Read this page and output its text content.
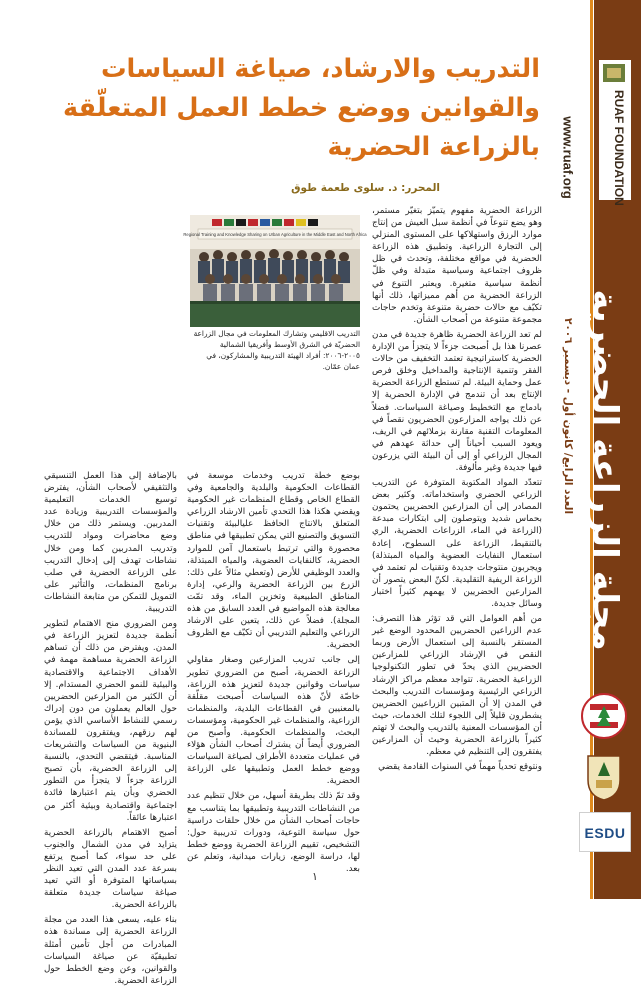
RUAF FOUNDATION
www.ruaf.org
مجلة الزراعة الحضرية
العدد الرابع/ كانون أول - ديسمبر ٢٠٠٦
ESDU
التدريب والارشاد، صياغة السياسات
والقوانين ووضع خطط العمل المتعلّقة
بالزراعة الحضرية
المحرر: د. سلوى طعمة طوق
Regional Training and Knowledge Sharing on Urban Agriculture in the Middle East and North Africa
التدريب الاقليمي وتشارك المعلومات في مجال الزراعة الحضريّة في الشرق الأوسط وأفريقيا الشمالية ٢٠٠٥-٢٠٠٦: أفراد الهيئة التدريبية والمشاركون، في عمان عمّان.

الزراعة الحضرية مفهوم يتميّز بتغيّر مستمر، وهو يضع تنوعاً في أنظمة سبل العيش من إنتاج موارد الرزق واستهلاكها على المستوى المنزلي إلى التجارة الزراعية. وتطبيق هذه الزراعة الحضرية في مواقع مختلفة، وتحدث في ظل ظروف اجتماعية وسياسية متبدلة وفي ظلّ أنظمة سياسية متغيرة. ويعتبر التنوع في الزراعة الحضرية من أهم مميزاتها، ذلك أنها تكيّف مع حالات حضرية متنوعة وتخدم حاجات مجموعة متنوعة من أصحاب الشأن.

لم تعد الزراعة الحضرية ظاهرة جديدة في مدن عصرنا هذا بل أصبحت جزءاً لا يتجزأ من الإدارة الحضرية كاستراتيجية تعتمد التخفيف من حالات الفقر وتنمية الإنتاجية والمداخيل وخلق فرص عمل وحماية البيئة. لم تستطع الزراعة الحضرية الإنتاج بعد أن تندمج في الإدارة الحضرية إلا بادماج مع التخطيط وصياغة السياسات. فضلاً عن ذلك يواجه المزارعون الحضريون نقصاً في المعلومات التقنية مقارنة بزملائهم في الريف، ويعود السبب أحياناً إلى حداثة عهدهم في المجال الزراعي أو إلى أن البيئة التي يزرعون فيها جديدة وغير مألوفة.

تتعدّد المواد المكتوبة المتوفرة عن التدريب الزراعي الحضري واستخداماته. وكثير بعض المصادر إلى أن المزارعين الحضريين يحتمون بحماس شديد ويتوصلون إلى ابتكارات مبدعة (الزراعة في الماء، الزراعات الحضرية، الري بالتنقيط، الزراعة على السطوح، إعادة استعمال النفايات العضوية والمياه المبتذلة) ويجربون منتوجات جديدة وتقنيات لم تعتمد في الزراعة الريفية التقليدية. لكنّ البعض يتصور أن المزارعين الحضريين لا يهمهم كثيراً اختبار وسائل جديدة.

من أهم العوامل التي قد تؤثر هذا التصرف: عدم الزراعين الحضريين المحدود الوضع غير المستقر بالنسبة إلى استعمال الأرض وربما النقص في الإرشاد الزراعي للمزارعين الحضريين الذي يحدّ في تطور التكنولوجيا الزراعية الحضرية. تتواجد معظم مراكز الإرشاد الزراعي الرئيسية ومؤسسات التدريب والبحث في المدن إلا أن المتبين الزراعيين الحضريين يشطرون قليلاً إلى اللجوء لتلك الخدمات، حيث أن المؤسسات المعنية بالتدريب والبحث لا تهتم كثيراً بالزراعة الحضرية وحيث أن المزارعين يفتقرون إلى التنظيم في معظم.

ونتوقع تحدياً مهماً في السنوات القادمة يقضي

بوضع خطة تدريب وخدمات موسعة في القطاعات الحكومية والبلدية والجامعية وفي القطاع الخاص وقطاع المنظمات غير الحكومية ويقضي هكذا هذا التحدي تأمين الارشاد الزراعي المتعلق بالانتاج الحافظ عليالبيئة وتقنيات التسويق والتصنيع التي يمكن تطبيقها في مناطق محصورة والتي ترتبط باستعمال آمن للموارد الحضرية، كالنفايات العضوية، والمياه المبتذلة، والعدد الوظيفي للأرض (وتعطي مثالاً على ذلك: الزرع بين الزراعة الحضرية والرعي، إدارة المناطق الطبيعية وتخزين الماء، وقد تمّت معالجة هذه المواضيع في العدد السابق من هذه المجلة). فضلاً عن ذلك، يتعين على الارشاد الزراعي والتعليم التدريبي أن تكيّف مع الظروف الحضرية.

إلى جانب تدريب المزارعين وصغار مقاولي الزراعة الحضرية، أصبح من الضروري تطوير سياسات وقوانين جديدة لتعزيز هذه الزراعة، خاصّة لأنّ هذه السياسات أصبحت مقلّقة بالمعنيين في القطاعات البلدية، والمنظمات الزراعية، والمنظمات غير الحكومية، ومؤسسات البحث، والمنظمات الحكومية. وأصبح من الضروري أيضاً أن يشترك أصحاب الشأن هؤلاء في عمليات متعددة الأطراف لصياغة السياسات ووضع خطط العمل وتطبيقها على الزراعة الحضرية.

وقد تمّ ذلك بطريقة أسهل، من خلال تنظيم عدد من النشاطات التدريبية وتطبيقها بما يتناسب مع حاجات أصحاب الشأن من خلال حلقات دراسية حول سياسة التوعية، ودورات تدريبية حول: التشخيص، تقييم الزراعة الحضرية ووضع خطط لها، دراسة الوضع، زيارات ميدانية، وتعلم عن بعد.

بالإضافة إلى هذا العمل التنسيقي والتثقيفي لأصحاب الشأن، يفترض توسيع الخدمات التعليمية والمؤسسات التدريبية وزيادة عدد المدربين. ويستمر ذلك من خلال وضع محاضرات ومواد للتدريب وتدريب المدربين كما ومن خلال نشاطات تهدف إلى إدخال التدريب على الزراعة الحضرية في صلب برنامج المنظمات، والتأثير على التمويل للتمكن من متابعة النشاطات التدريبية.

ومن الضروري منح الاهتمام لتطوير أنظمة جديدة لتعزيز الزراعة في المدن. ويفترض من ذلك أن تساهم الزراعة الحضرية مساهمة مهمة في الأهداف الاجتماعية والاقتصادية والبيئية للنمو الحضري المستدام. إلا أن الكثير من المزارعين الحضريين حول العالم يعملون من دون إدراك رسمي للنشاط الأساسي الذي يؤمن لهم رزقهم، ويفتقرون للمساندة البنيوية من السياسات والتشريعات المناسبة. فيتقضي التحدي، بالنسبة إلى الزراعة الحضرية، بأن تصبح الزراعة جزءاً لا يتجزأ من التطور الحضري وبأن يتم اعتبارها فائدة اجتماعية واقتصادية وبيئية أكثر من اعتبارها عائقاً.

أصبح الاهتمام بالزراعة الحضرية يتزايد في مدن الشمال والجنوب على حد سواء، كما أصبح يرتفع بسرعة عدد المدن التي تعيد النظر بسياساتها المتوفرة أو التي تعيد صياغة سياسات جديدة متعلقة بالزراعة الحضرية.

بناء عليه، يسعى هذا العدد من مجلة الزراعة الحضرية إلى مساندة هذه المبادرات من أجل تأمين أمثلة تطبيقيّة عن صياغة السياسات والقوانين، وعن وضع الخطط حول الزراعة الحضرية.

١
